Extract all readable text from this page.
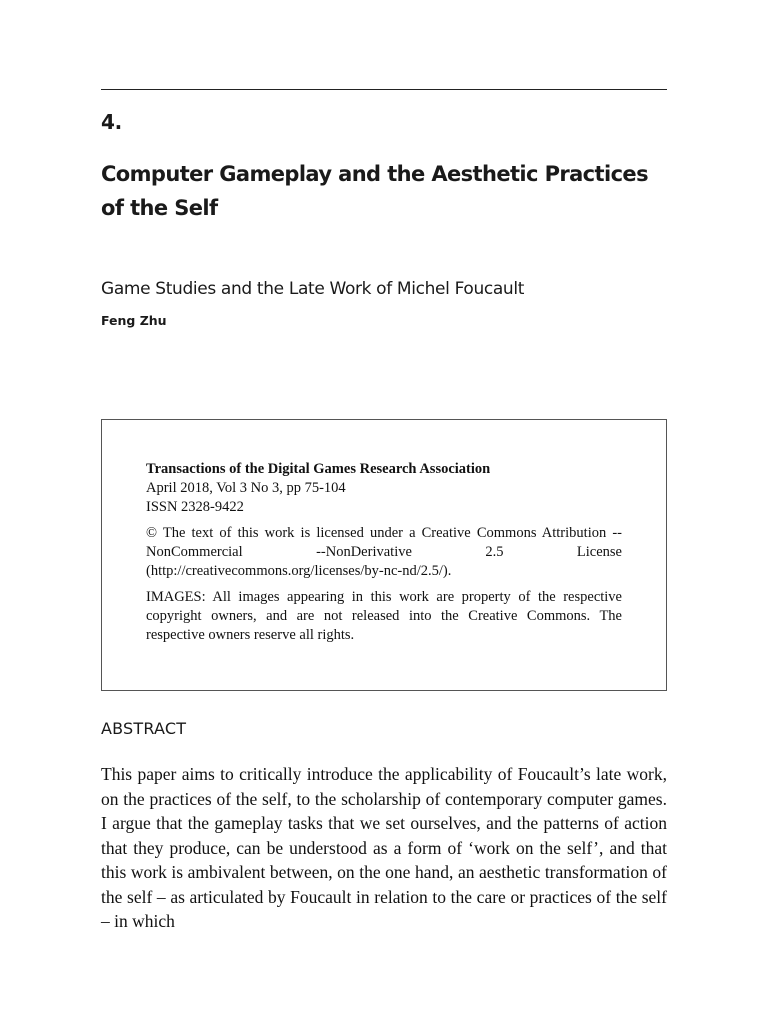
4.
Computer Gameplay and the Aesthetic Practices of the Self
Game Studies and the Late Work of Michel Foucault
Feng Zhu
Transactions of the Digital Games Research Association
April 2018, Vol 3 No 3, pp 75-104
ISSN 2328-9422
© The text of this work is licensed under a Creative Commons Attribution -- NonCommercial --NonDerivative 2.5 License (http://creativecommons.org/licenses/by-nc-nd/2.5/).
IMAGES: All images appearing in this work are property of the respective copyright owners, and are not released into the Creative Commons. The respective owners reserve all rights.
ABSTRACT
This paper aims to critically introduce the applicability of Foucault’s late work, on the practices of the self, to the scholarship of contemporary computer games. I argue that the gameplay tasks that we set ourselves, and the patterns of action that they produce, can be understood as a form of ‘work on the self’, and that this work is ambivalent between, on the one hand, an aesthetic transformation of the self – as articulated by Foucault in relation to the care or practices of the self – in which
